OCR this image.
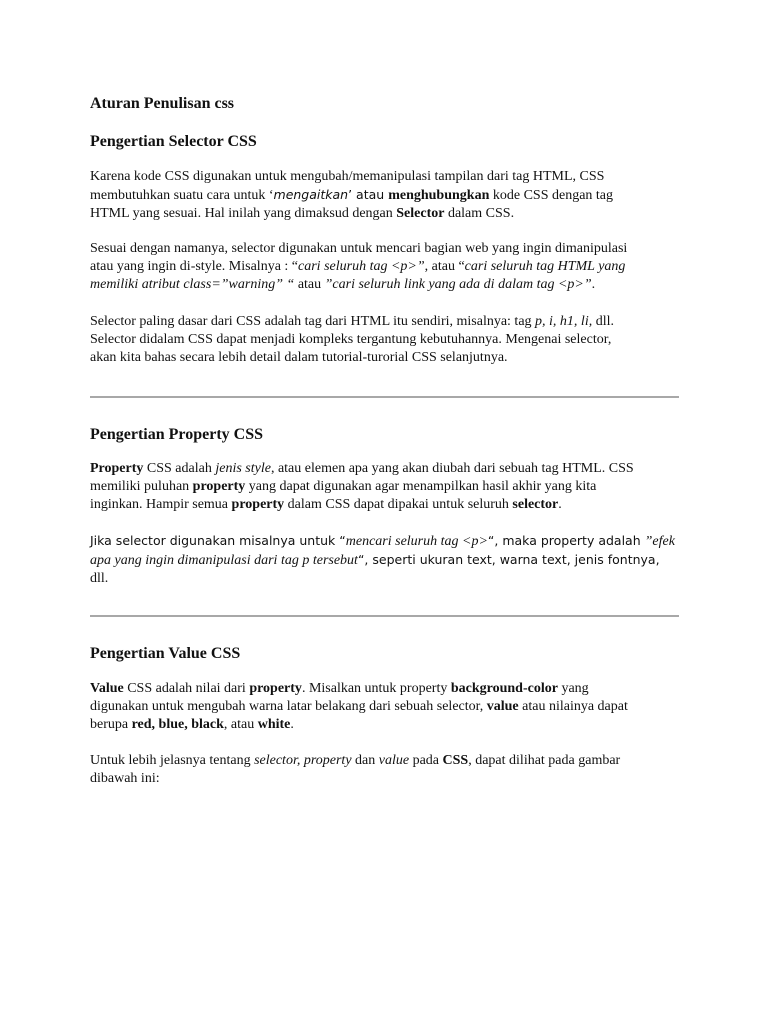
Aturan Penulisan css
Pengertian Selector CSS

Karena kode CSS digunakan untuk mengubah/memanipulasi tampilan dari tag HTML, CSS
membutuhkan suatu cara untuk ‘mengaitkan’ atau menghubungkan kode CSS dengan tag
HTML yang sesuai. Hal inilah yang dimaksud dengan Selector dalam CSS.

Sesuai dengan namanya, selector digunakan untuk mencari bagian web yang ingin dimanipulasi
atau yang ingin di-style. Misalnya : “cari seluruh tag <p>”, atau “cari seluruh tag HTML yang
memiliki atribut class=”warning” “ atau ”cari seluruh link yang ada di dalam tag <p>”.

Selector paling dasar dari CSS adalah tag dari HTML itu sendiri, misalnya: tag p, i, h1, li, dll.
Selector didalam CSS dapat menjadi kompleks tergantung kebutuhannya. Mengenai selector,
akan kita bahas secara lebih detail dalam tutorial-turorial CSS selanjutnya.

Pengertian Property CSS

Property CSS adalah jenis style, atau elemen apa yang akan diubah dari sebuah tag HTML. CSS
memiliki puluhan property yang dapat digunakan agar menampilkan hasil akhir yang kita
inginkan. Hampir semua property dalam CSS dapat dipakai untuk seluruh selector.

Jika selector digunakan misalnya untuk “mencari seluruh tag <p>“, maka property adalah ”efek
apa yang ingin dimanipulasi dari tag p tersebut“, seperti ukuran text, warna text, jenis fontnya,
dll.

Pengertian Value CSS

Value CSS adalah nilai dari property. Misalkan untuk property background-color yang
digunakan untuk mengubah warna latar belakang dari sebuah selector, value atau nilainya dapat
berupa red, blue, black, atau white.

Untuk lebih jelasnya tentang selector, property dan value pada CSS, dapat dilihat pada gambar
dibawah ini:
